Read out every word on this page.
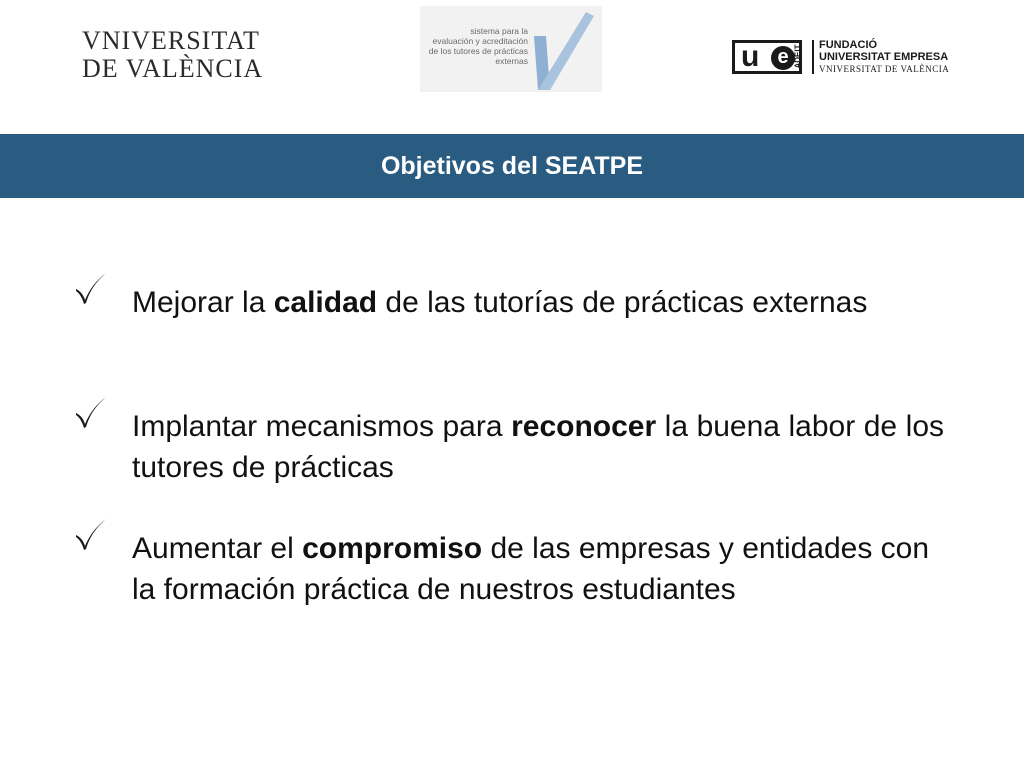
VNIVERSITAT
DE VALÈNCIA
sistema para la evaluación y acreditación de los tutores de prácticas externas	u e ADEIT FUNDACIÓ
UNIVERSITAT EMPRESA
VNIVERSITAT DE VALÈNCIA
Objetivos del SEATPE
Mejorar la calidad de las tutorías de prácticas externas
Implantar mecanismos para reconocer la buena labor de los tutores de prácticas
Aumentar el compromiso de las empresas y entidades con la formación práctica de nuestros estudiantes
